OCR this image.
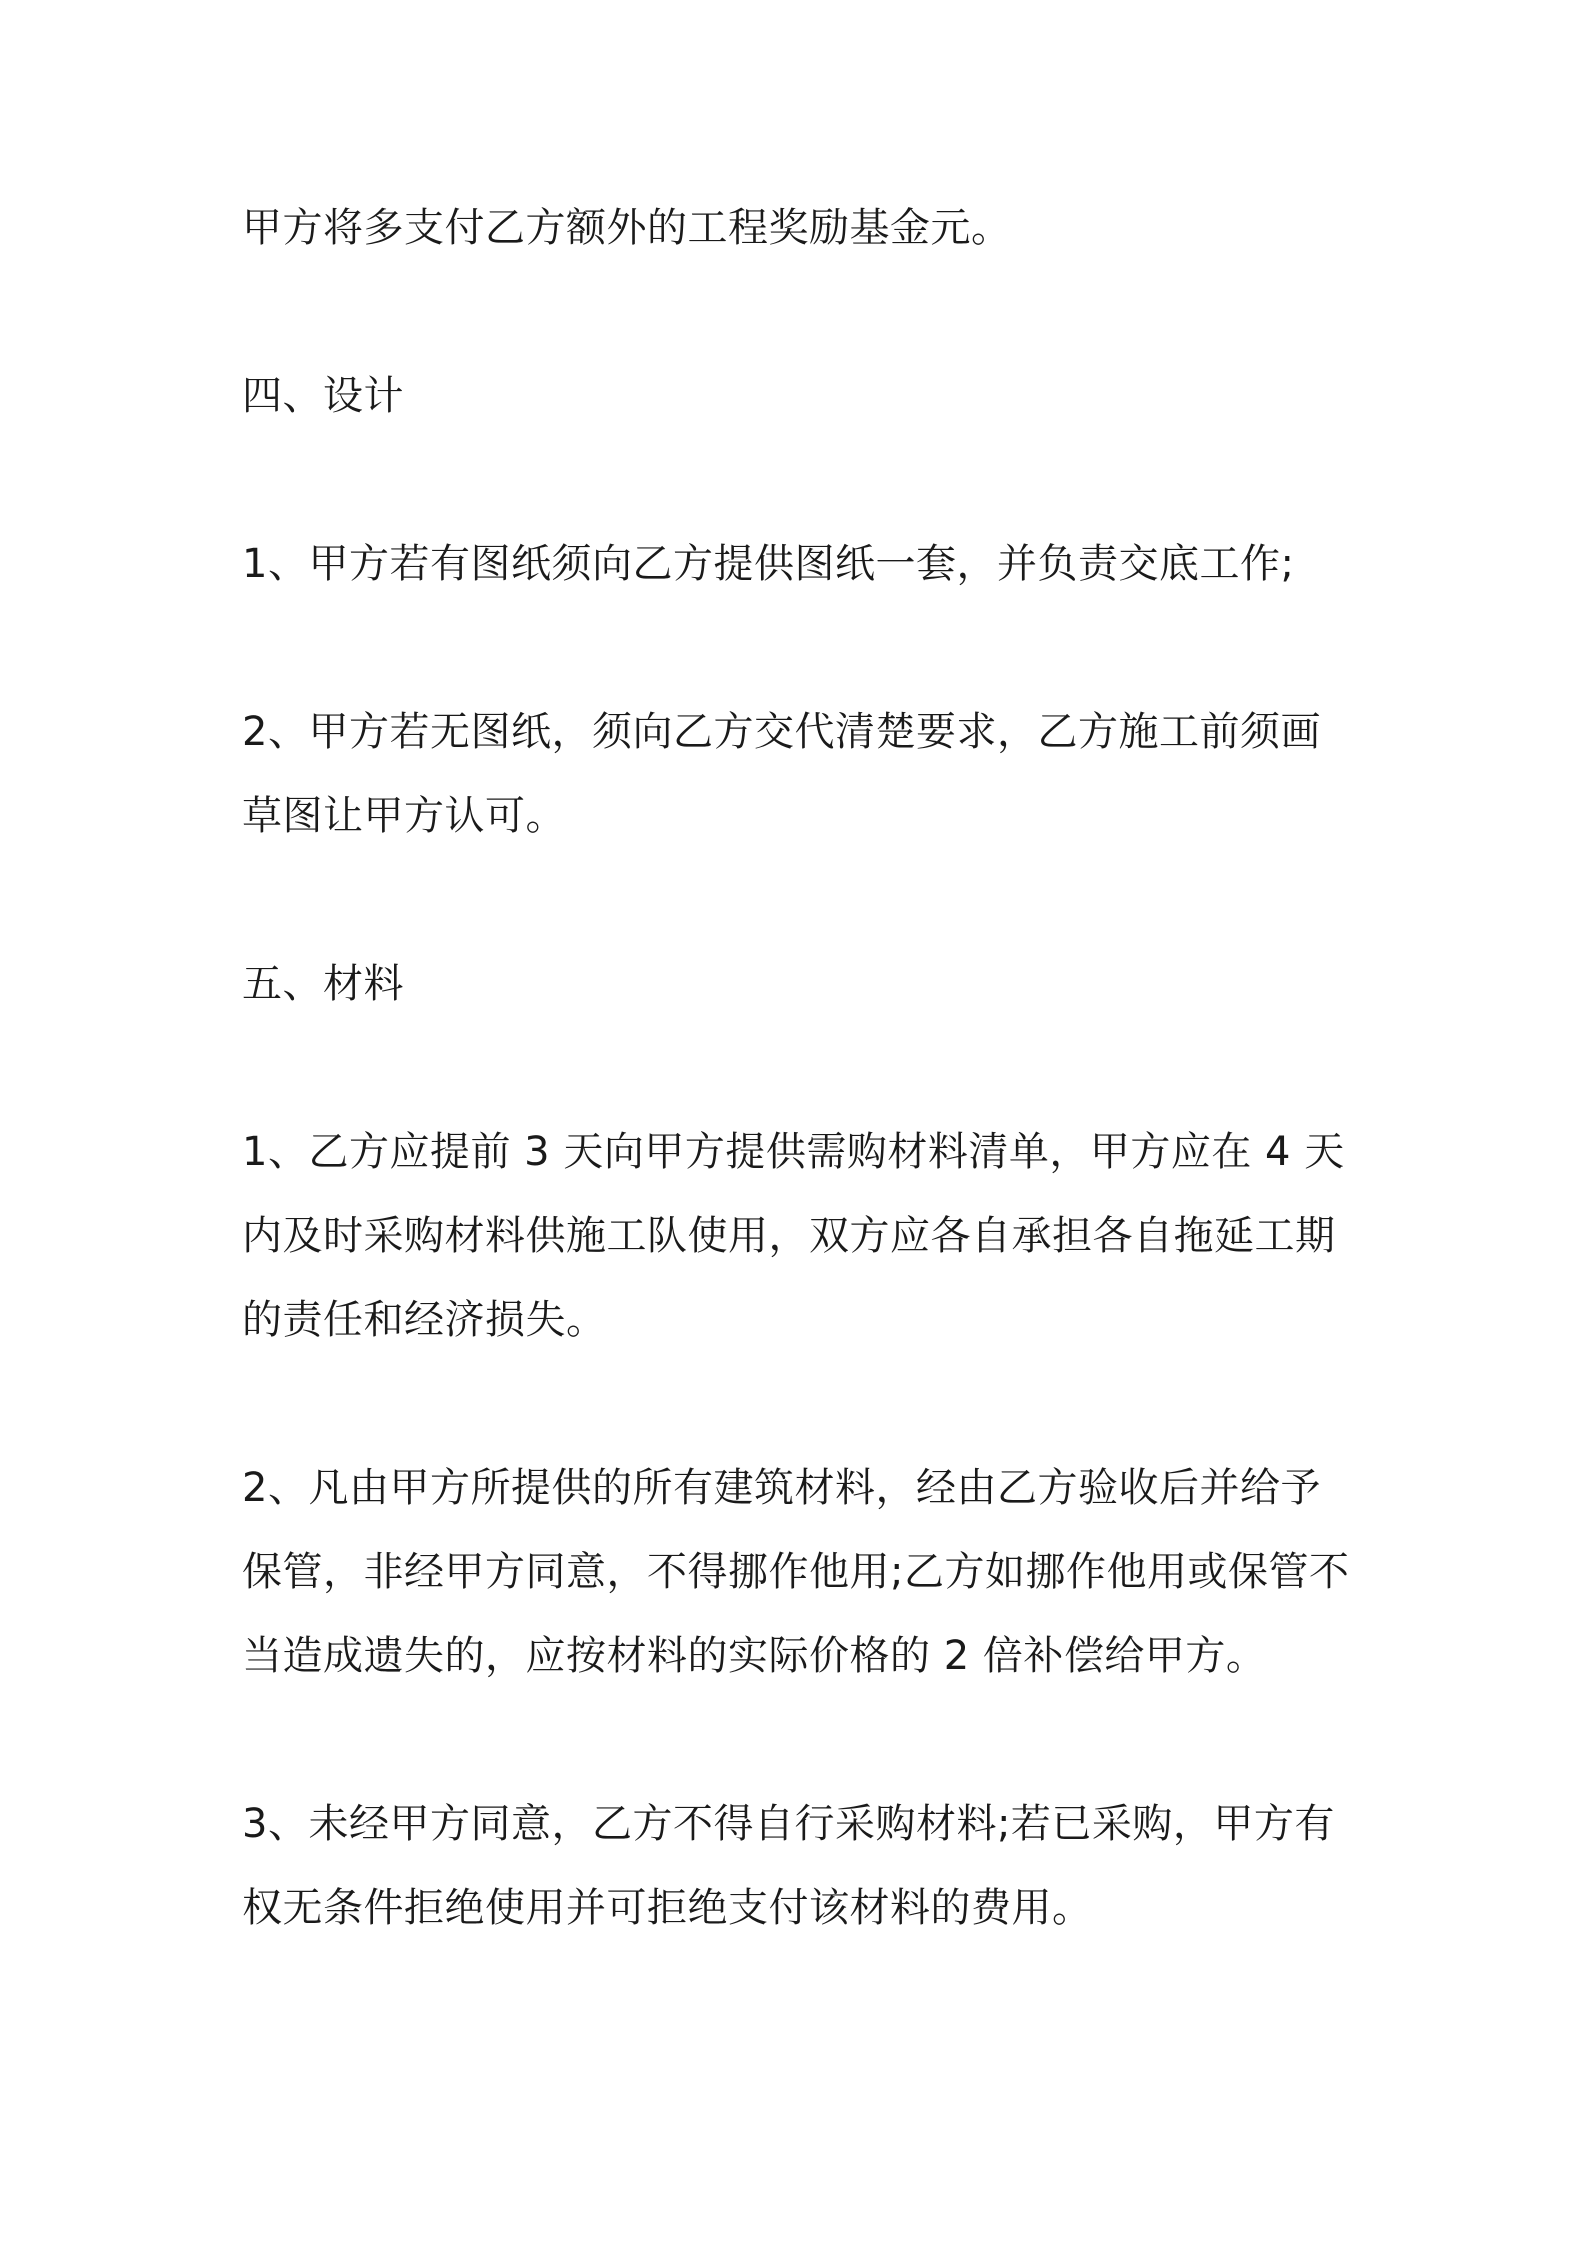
甲方将多支付乙方额外的工程奖励基金元。

四、设计

1、甲方若有图纸须向乙方提供图纸一套，并负责交底工作;

2、甲方若无图纸，须向乙方交代清楚要求，乙方施工前须画草图让甲方认可。

五、材料

1、乙方应提前 3 天向甲方提供需购材料清单，甲方应在 4 天内及时采购材料供施工队使用，双方应各自承担各自拖延工期的责任和经济损失。

2、凡由甲方所提供的所有建筑材料，经由乙方验收后并给予保管，非经甲方同意，不得挪作他用;乙方如挪作他用或保管不当造成遗失的，应按材料的实际价格的 2 倍补偿给甲方。

3、未经甲方同意，乙方不得自行采购材料;若已采购，甲方有权无条件拒绝使用并可拒绝支付该材料的费用。
